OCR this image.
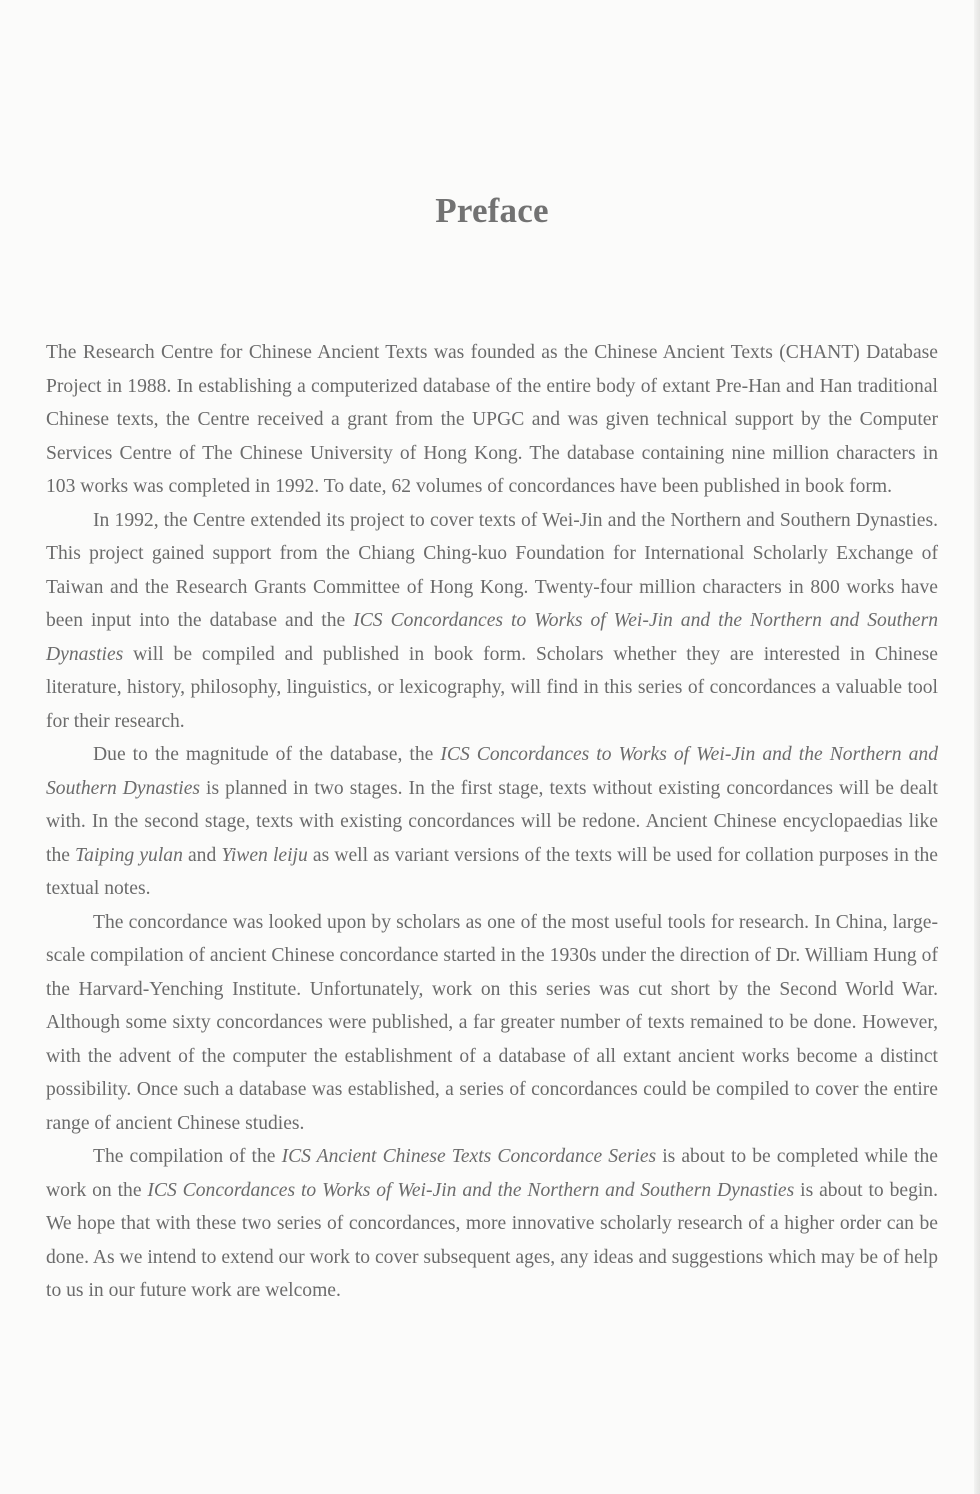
Preface

The Research Centre for Chinese Ancient Texts was founded as the Chinese Ancient Texts (CHANT) Database Project in 1988. In establishing a computerized database of the entire body of extant Pre-Han and Han traditional Chinese texts, the Centre received a grant from the UPGC and was given technical support by the Computer Services Centre of The Chinese University of Hong Kong. The database containing nine million characters in 103 works was completed in 1992. To date, 62 volumes of concordances have been published in book form.

In 1992, the Centre extended its project to cover texts of Wei-Jin and the Northern and Southern Dynasties. This project gained support from the Chiang Ching-kuo Foundation for International Scholarly Exchange of Taiwan and the Research Grants Committee of Hong Kong. Twenty-four million characters in 800 works have been input into the database and the ICS Concordances to Works of Wei-Jin and the Northern and Southern Dynasties will be compiled and published in book form. Scholars whether they are interested in Chinese literature, history, philosophy, linguistics, or lexicography, will find in this series of concordances a valuable tool for their research.

Due to the magnitude of the database, the ICS Concordances to Works of Wei-Jin and the Northern and Southern Dynasties is planned in two stages. In the first stage, texts without existing concordances will be dealt with. In the second stage, texts with existing concordances will be redone. Ancient Chinese encyclopaedias like the Taiping yulan and Yiwen leiju as well as variant versions of the texts will be used for collation purposes in the textual notes.

The concordance was looked upon by scholars as one of the most useful tools for research. In China, large-scale compilation of ancient Chinese concordance started in the 1930s under the direction of Dr. William Hung of the Harvard-Yenching Institute. Unfortunately, work on this series was cut short by the Second World War. Although some sixty concordances were published, a far greater number of texts remained to be done. However, with the advent of the computer the establishment of a database of all extant ancient works become a distinct possibility. Once such a database was established, a series of concordances could be compiled to cover the entire range of ancient Chinese studies.

The compilation of the ICS Ancient Chinese Texts Concordance Series is about to be completed while the work on the ICS Concordances to Works of Wei-Jin and the Northern and Southern Dynasties is about to begin. We hope that with these two series of concordances, more innovative scholarly research of a higher order can be done. As we intend to extend our work to cover subsequent ages, any ideas and suggestions which may be of help to us in our future work are welcome.
